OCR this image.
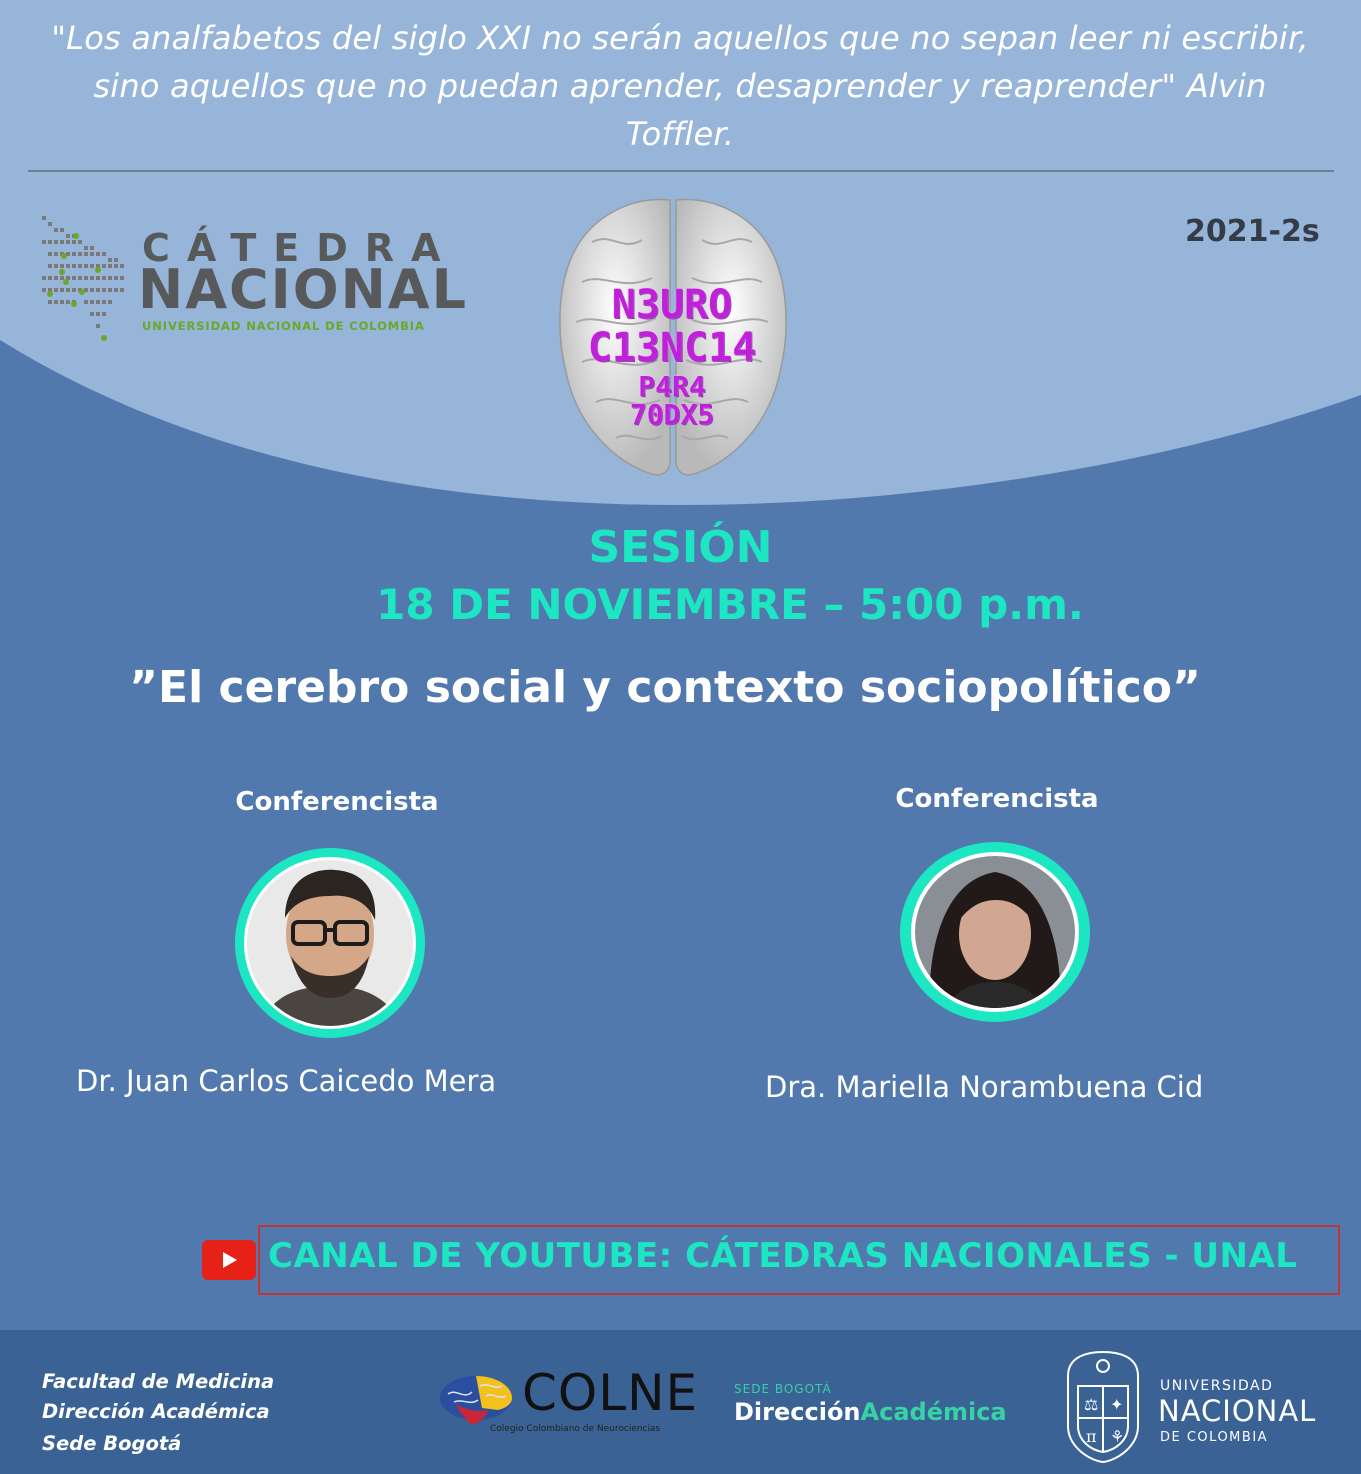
"Los analfabetos del siglo XXI no serán aquellos que no sepan leer ni escribir, sino aquellos que no puedan aprender, desaprender y reaprender" Alvin Toffler.
CÁTEDRA
NACIONAL
UNIVERSIDAD NACIONAL DE COLOMBIA
2021-2s
N3URO
C13NC14
P4R4
70DX5
SESIÓN
18 DE NOVIEMBRE – 5:00 p.m.
”El cerebro social y contexto sociopolítico”
Conferencista	Conferencista
Dr. Juan Carlos Caicedo Mera	Dra. Mariella Norambuena Cid
CANAL DE YOUTUBE: CÁTEDRAS NACIONALES - UNAL
Facultad de Medicina
Dirección Académica
Sede Bogotá
COLNE
Colegio Colombiano de Neurociencias
SEDE BOGOTÁ
DirecciónAcadémica	⚖ ✦
π ⚘
UNIVERSIDAD
NACIONAL
DE COLOMBIA
